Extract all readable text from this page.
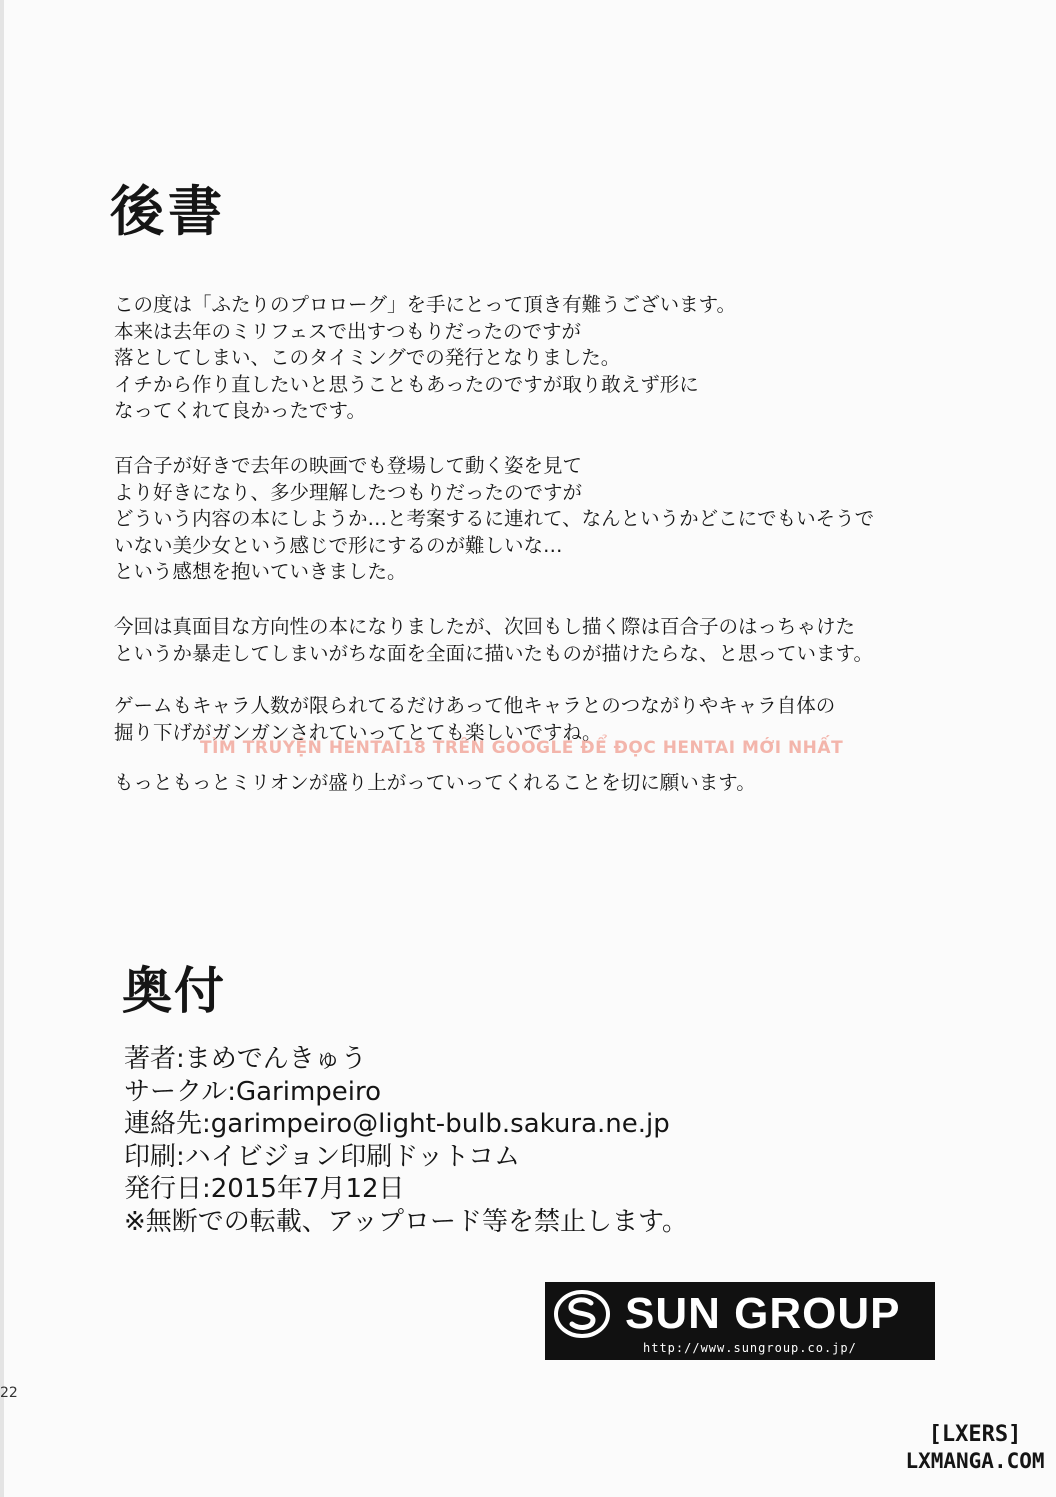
後書
この度は「ふたりのプロローグ」を手にとって頂き有難うございます。
本来は去年のミリフェスで出すつもりだったのですが
落としてしまい、このタイミングでの発行となりました。
イチから作り直したいと思うこともあったのですが取り敢えず形に
なってくれて良かったです。
百合子が好きで去年の映画でも登場して動く姿を見て
より好きになり、多少理解したつもりだったのですが
どういう内容の本にしようか…と考案するに連れて、なんというかどこにでもいそうで
いない美少女という感じで形にするのが難しいな…
という感想を抱いていきました。
今回は真面目な方向性の本になりましたが、次回もし描く際は百合子のはっちゃけた
というか暴走してしまいがちな面を全面に描いたものが描けたらな、と思っています。
ゲームもキャラ人数が限られてるだけあって他キャラとのつながりやキャラ自体の
掘り下げがガンガンされていってとても楽しいですね。
もっともっとミリオンが盛り上がっていってくれることを切に願います。
TÌM TRUYỆN HENTAI18 TRÊN GOOGLE ĐỂ ĐỌC HENTAI MỚI NHẤT
奥付
著者:まめでんきゅう
サークル:Garimpeiro
連絡先:garimpeiro@light-bulb.sakura.ne.jp
印刷:ハイビジョン印刷ドットコム
発行日:2015年7月12日
※無断での転載、アップロード等を禁止します。
SUN GROUP
http://www.sungroup.co.jp/
22
[LXERS]
LXMANGA.COM
